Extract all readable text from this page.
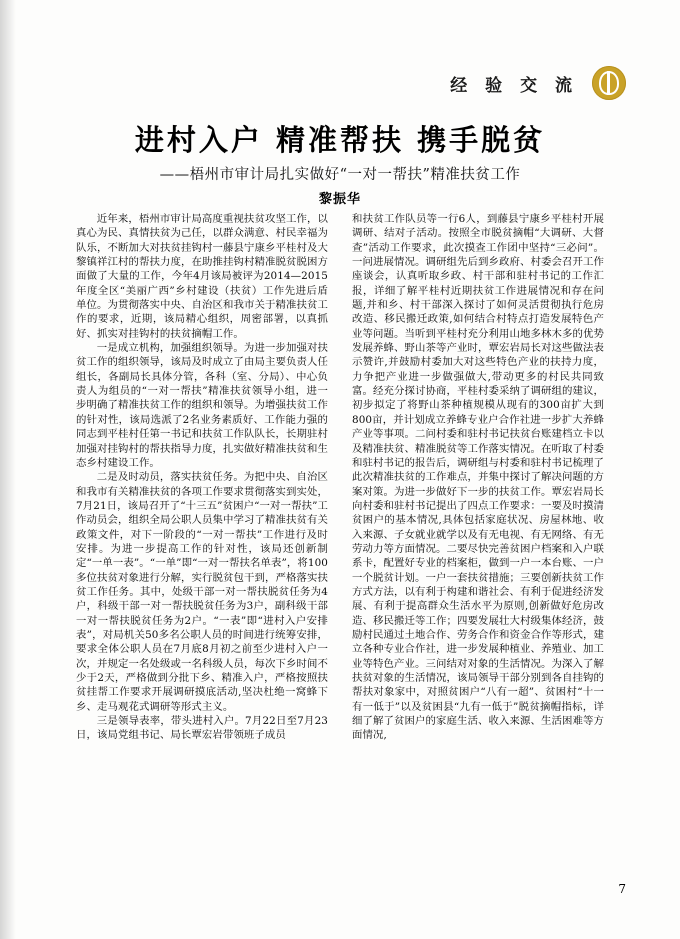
经 验 交 流
进村入户 精准帮扶 携手脱贫
——梧州市审计局扎实做好“一对一帮扶”精准扶贫工作
黎振华

近年来，梧州市审计局高度重视扶贫攻坚工作，以真心为民、真情扶贫为己任，以群众满意、村民幸福为队乐，不断加大对扶贫挂钩村一藤县宁康乡平桂村及大黎镇祥江村的帮扶力度，在助推挂钩村精准脱贫脱困方面做了大量的工作，今年4月该局被评为2014—2015年度全区“美丽广西”乡村建设（扶贫）工作先进后盾单位。为贯彻落实中央、自治区和我市关于精准扶贫工作的要求，近期，该局精心组织，周密部署，以真抓好、抓实对挂钩村的扶贫摘帽工作。

一是成立机构，加强组织领导。为进一步加强对扶贫工作的组织领导，该局及时成立了由局主要负责人任组长，各副局长具体分管，各科（室、分局）、中心负责人为组员的“一对一帮扶”精准扶贫领导小组，进一步明确了精准扶贫工作的组织和领导。为增强扶贫工作的针对性，该局选派了2名业务素质好、工作能力强的同志到平桂村任第一书记和扶贫工作队队长，长期驻村加强对挂钩村的帮扶指导力度，扎实做好精准扶贫和生态乡村建设工作。

二是及时动员，落实扶贫任务。为把中央、自治区和我市有关精准扶贫的各项工作要求贯彻落实到实处，7月21日，该局召开了“十三五”贫困户“一对一帮扶”工作动员会，组织全局公职人员集中学习了精准扶贫有关政策文件，对下一阶段的“一对一帮扶”工作进行及时安排。为进一步提高工作的针对性，该局还创新制定“一单一表”。“一单”即“一对一帮扶名单表”，将100多位扶贫对象进行分解，实行脱贫包干到，严格落实扶贫工作任务。其中，处级干部一对一帮扶脱贫任务为4户，科级干部一对一帮扶脱贫任务为3户，副科级干部一对一帮扶脱贫任务为2户。“一表”即“进村入户安排表”，对局机关50多名公职人员的时间进行统筹安排，要求全体公职人员在7月底8月初之前至少进村入户一次，并规定一名处级或一名科级人员，每次下乡时间不少于2天，严格做到分批下乡、精准入户，严格按照扶贫挂帮工作要求开展调研摸底活动,坚决杜绝一窝蜂下乡、走马观花式调研等形式主义。

三是领导表率，带头进村入户。7月22日至7月23日，该局党组书记、局长覃宏岩带领班子成员

和扶贫工作队员等一行6人，到藤县宁康乡平桂村开展调研、结对子活动。按照全市脱贫摘帽“大调研、大督查”活动工作要求，此次摸查工作团中坚持“三必问”。一问进展情况。调研组先后到乡政府、村委会召开工作座谈会，认真听取乡政、村干部和驻村书记的工作汇报，详细了解平桂村近期扶贫工作进展情况和存在问题,并和乡、村干部深入探讨了如何灵活贯彻执行危房改造、移民搬迁政策,如何结合村特点打造发展特色产业等问题。当听到平桂村充分利用山地多林木多的优势发展养蜂、野山茶等产业时，覃宏岩局长对这些做法表示赞许,并鼓励村委加大对这些特色产业的扶持力度，力争把产业进一步做强做大,带动更多的村民共同致富。经充分探讨协商，平桂村委采纳了调研组的建议，初步拟定了将野山茶种植规模从现有的300亩扩大到800亩，并计划成立养蜂专业户合作社进一步扩大养蜂产业等事项。二问村委和驻村书记扶贫台账建档立卡以及精准扶贫、精准脱贫等工作落实情况。在听取了村委和驻村书记的报告后，调研组与村委和驻村书记梳理了此次精准扶贫的工作难点，并集中探讨了解决问题的方案对策。为进一步做好下一步的扶贫工作。覃宏岩局长向村委和驻村书记提出了四点工作要求：一要及时摸清贫困户的基本情况,具体包括家庭状况、房屋林地、收入来源、子女就业就学以及有无电视、有无网络、有无劳动力等方面情况。二要尽快完善贫困户档案和入户联系卡，配置好专业的档案柜，做到一户一本台账、一户一个脱贫计划。一户一套扶贫措施；三要创新扶贫工作方式方法，以有利于构建和谐社会、有利于促进经济发展、有利于提高群众生活水平为原则,创新做好危房改造、移民搬迁等工作；四要发展壮大村级集体经济，鼓励村民通过土地合作、劳务合作和资金合作等形式，建立各种专业合作社，进一步发展种植业、养殖业、加工业等特色产业。三问结对对象的生活情况。为深入了解扶贫对象的生活情况，该局领导干部分别到各自挂钩的帮扶对象家中，对照贫困户“八有一超”、贫困村“十一有一低于”以及贫困县“九有一低于”脱贫摘帽指标，详细了解了贫困户的家庭生活、收入来源、生活困难等方面情况,

7
